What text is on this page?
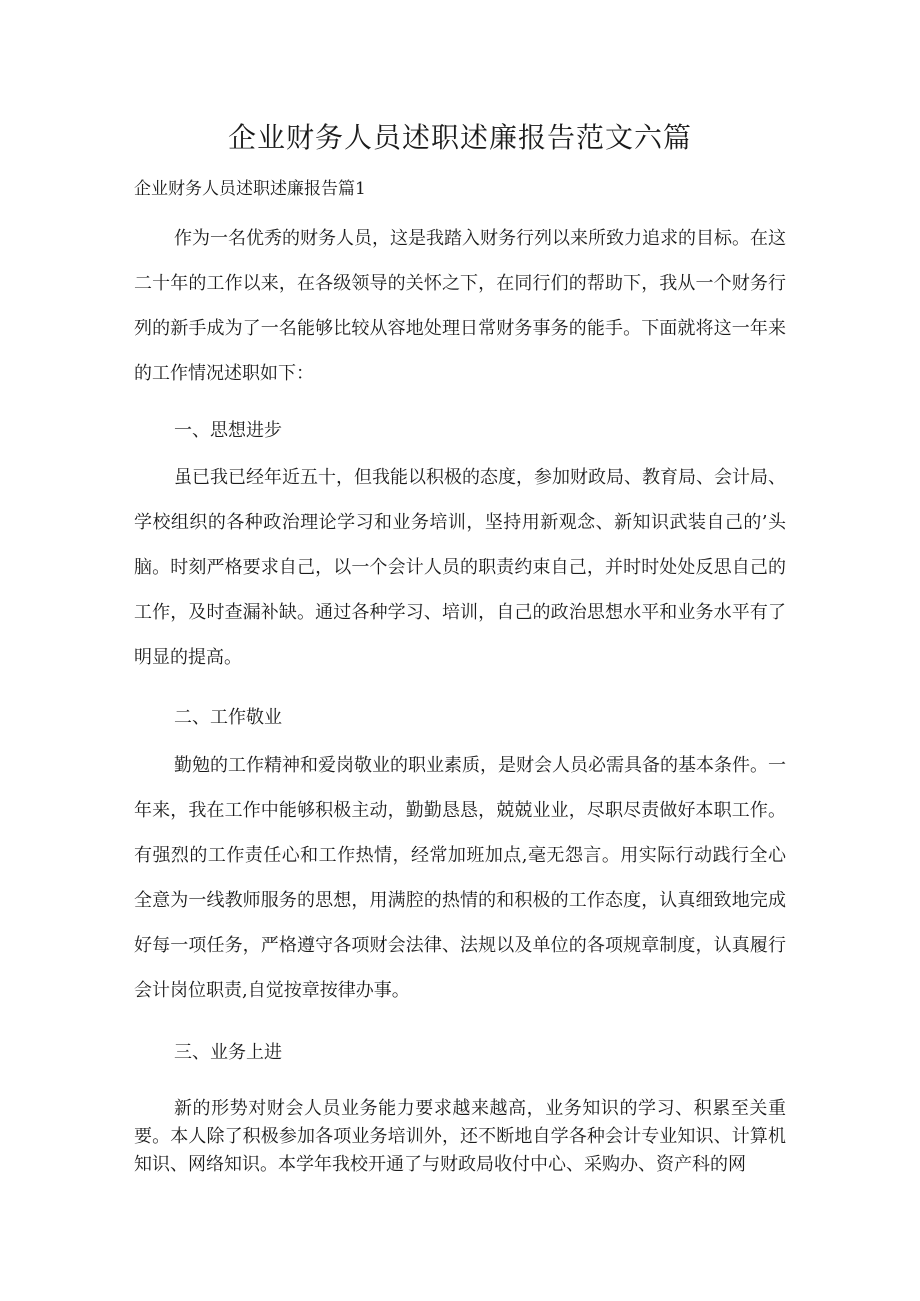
企业财务人员述职述廉报告范文六篇
企业财务人员述职述廉报告篇1

作为一名优秀的财务人员，这是我踏入财务行列以来所致力追求的目标。在这二十年的工作以来，在各级领导的关怀之下，在同行们的帮助下，我从一个财务行列的新手成为了一名能够比较从容地处理日常财务事务的能手。下面就将这一年来的工作情况述职如下：

一、思想进步

虽已我已经年近五十，但我能以积极的态度，参加财政局、教育局、会计局、学校组织的各种政治理论学习和业务培训，坚持用新观念、新知识武装自己的’头脑。时刻严格要求自己，以一个会计人员的职责约束自己，并时时处处反思自己的工作，及时查漏补缺。通过各种学习、培训，自己的政治思想水平和业务水平有了明显的提高。

二、工作敬业

勤勉的工作精神和爱岗敬业的职业素质，是财会人员必需具备的基本条件。一年来，我在工作中能够积极主动，勤勤恳恳，兢兢业业，尽职尽责做好本职工作。有强烈的工作责任心和工作热情，经常加班加点,毫无怨言。用实际行动践行全心全意为一线教师服务的思想，用满腔的热情的和积极的工作态度，认真细致地完成好每一项任务，严格遵守各项财会法律、法规以及单位的各项规章制度，认真履行会计岗位职责,自觉按章按律办事。

三、业务上进

新的形势对财会人员业务能力要求越来越高，业务知识的学习、积累至关重要。本人除了积极参加各项业务培训外，还不断地自学各种会计专业知识、计算机知识、网络知识。本学年我校开通了与财政局收付中心、采购办、资产科的网
